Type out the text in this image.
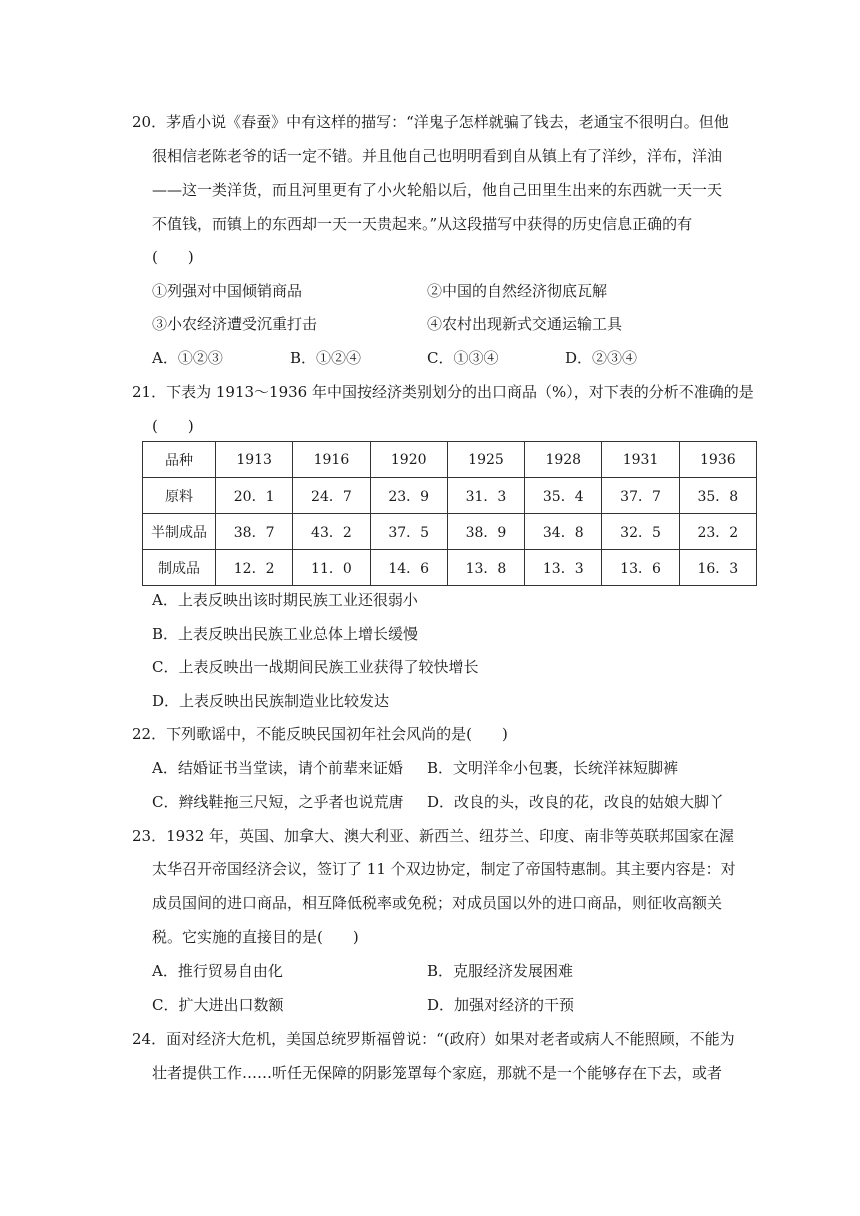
20．茅盾小说《春蚕》中有这样的描写：“洋鬼子怎样就骗了钱去，老通宝不很明白。但他
很相信老陈老爷的话一定不错。并且他自己也明明看到自从镇上有了洋纱，洋布，洋油
——这一类洋货，而且河里更有了小火轮船以后，他自己田里生出来的东西就一天一天
不值钱，而镇上的东西却一天一天贵起来。”从这段描写中获得的历史信息正确的有
(　　)
①列强对中国倾销商品	②中国的自然经济彻底瓦解
③小农经济遭受沉重打击	④农村出现新式交通运输工具
A．①②③	B．①②④	C．①③④	D．②③④
21．下表为 1913～1936 年中国按经济类别划分的出口商品（%），对下表的分析不准确的是
(　　)
品种	1913	1916	1920	1925	1928	1931	1936
原料	20．1	24．7	23．9	31．3	35．4	37．7	35．8
半制成品	38．7	43．2	37．5	38．9	34．8	32．5	23．2
制成品	12．2	11．0	14．6	13．8	13．3	13．6	16．3
A．上表反映出该时期民族工业还很弱小
B．上表反映出民族工业总体上增长缓慢
C．上表反映出一战期间民族工业获得了较快增长
D．上表反映出民族制造业比较发达
22．下列歌谣中，不能反映民国初年社会风尚的是(　　)
A．结婚证书当堂读，请个前辈来证婚 B．文明洋伞小包裹，长统洋袜短脚裤
C．辫线鞋拖三尺短，之乎者也说荒唐 D．改良的头，改良的花，改良的姑娘大脚丫
23．1932 年，英国、加拿大、澳大利亚、新西兰、纽芬兰、印度、南非等英联邦国家在渥
太华召开帝国经济会议，签订了 11 个双边协定，制定了帝国特惠制。其主要内容是：对
成员国间的进口商品，相互降低税率或免税；对成员国以外的进口商品，则征收高额关
税。它实施的直接目的是(　　)
A．推行贸易自由化	B．克服经济发展困难
C．扩大进出口数额	D．加强对经济的干预
24．面对经济大危机，美国总统罗斯福曾说：“(政府）如果对老者或病人不能照顾，不能为
壮者提供工作……听任无保障的阴影笼罩每个家庭，那就不是一个能够存在下去，或者
